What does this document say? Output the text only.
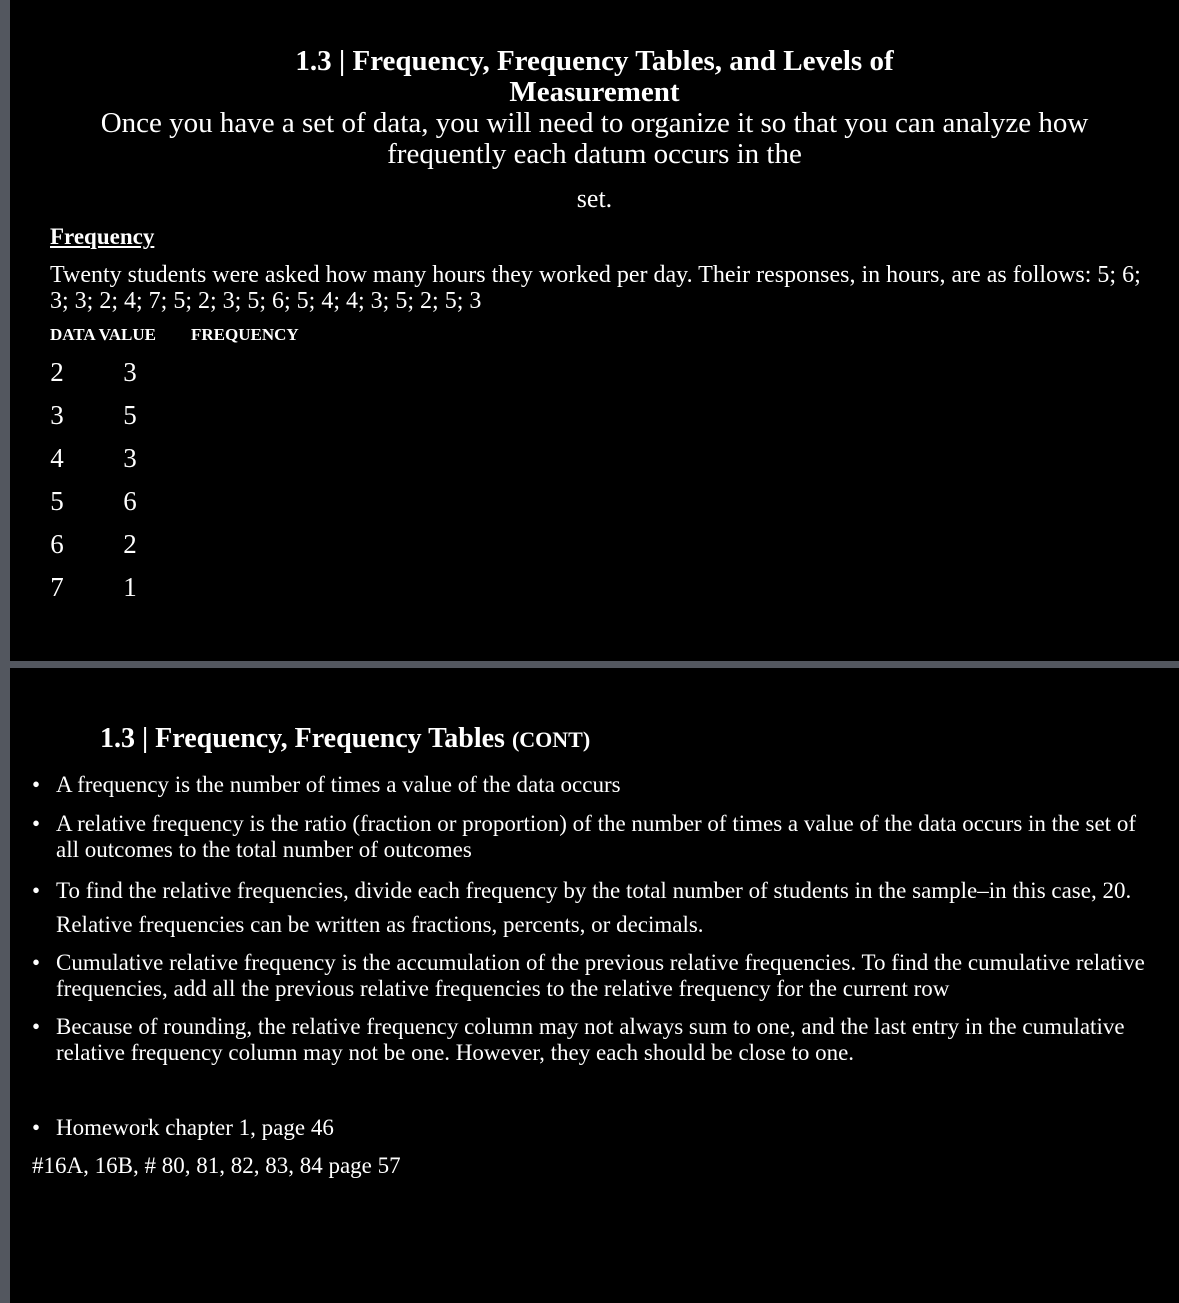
1.3 | Frequency, Frequency Tables, and Levels of
Measurement
Once you have a set of data, you will need to organize it so that you can analyze how
frequently each datum occurs in the
set.
Frequency
Twenty students were asked how many hours they worked per day. Their responses, in hours, are as follows: 5; 6; 3; 3; 2; 4; 7; 5; 2; 3; 5; 6; 5; 4; 4; 3; 5; 2; 5; 3
DATA VALUE FREQUENCY
2	3
3	5
4	3
5	6
6	2
7	1
1.3 | Frequency, Frequency Tables (CONT)
• A frequency is the number of times a value of the data occurs
• A relative frequency is the ratio (fraction or proportion) of the number of times a value of the data occurs in the set of all outcomes to the total number of outcomes
• To find the relative frequencies, divide each frequency by the total number of students in the sample–in this case, 20. Relative frequencies can be written as fractions, percents, or decimals.
• Cumulative relative frequency is the accumulation of the previous relative frequencies. To find the cumulative relative frequencies, add all the previous relative frequencies to the relative frequency for the current row
• Because of rounding, the relative frequency column may not always sum to one, and the last entry in the cumulative relative frequency column may not be one. However, they each should be close to one.
• Homework chapter 1, page 46
#16A, 16B, # 80, 81, 82, 83, 84 page 57
